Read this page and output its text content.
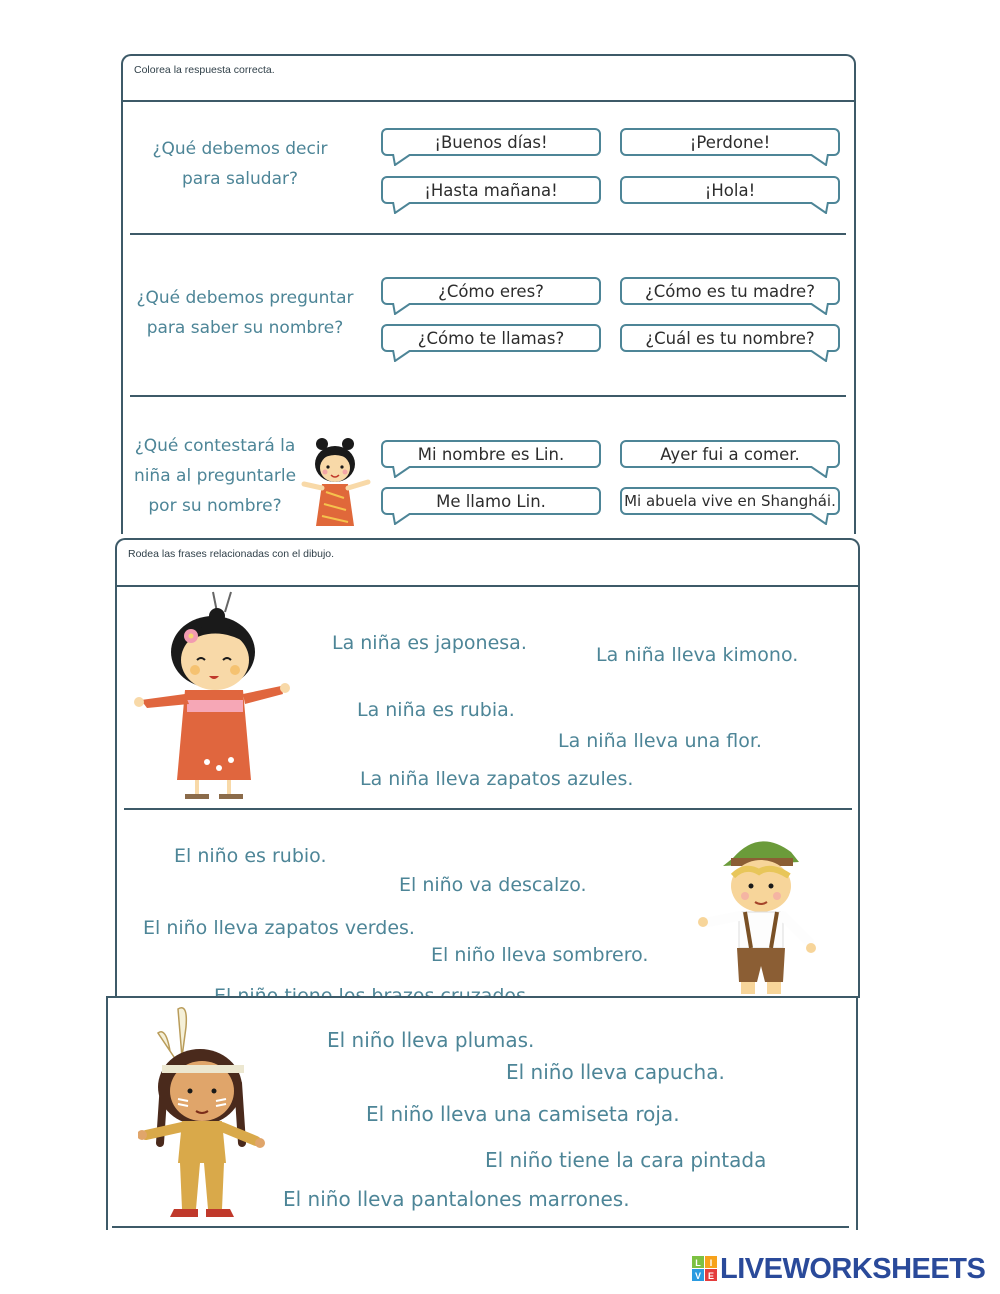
Colorea la respuesta correcta.
¿Qué debemos decir
para saludar?
¡Buenos días!	¡Perdone!
¡Hasta mañana!	¡Hola!
¿Qué debemos preguntar
para saber su nombre?
¿Cómo eres?	¿Cómo es tu madre?
¿Cómo te llamas?	¿Cuál es tu nombre?
¿Qué contestará la
niña al preguntarle
por su nombre?
Mi nombre es Lin.	Ayer fui a comer.
Me llamo Lin.	Mi abuela vive en Shanghái.
Rodea las frases relacionadas con el dibujo.
La niña es japonesa.
La niña lleva kimono.
La niña es rubia.
La niña lleva una flor.
La niña lleva zapatos azules.
El niño es rubio.
El niño va descalzo.
El niño lleva zapatos verdes.
El niño lleva sombrero.
El niño lleva plumas.
El niño lleva capucha.
El niño lleva una camiseta roja.
El niño tiene la cara pintada
El niño lleva pantalones marrones.
L I
V E LIVEWORKSHEETS
